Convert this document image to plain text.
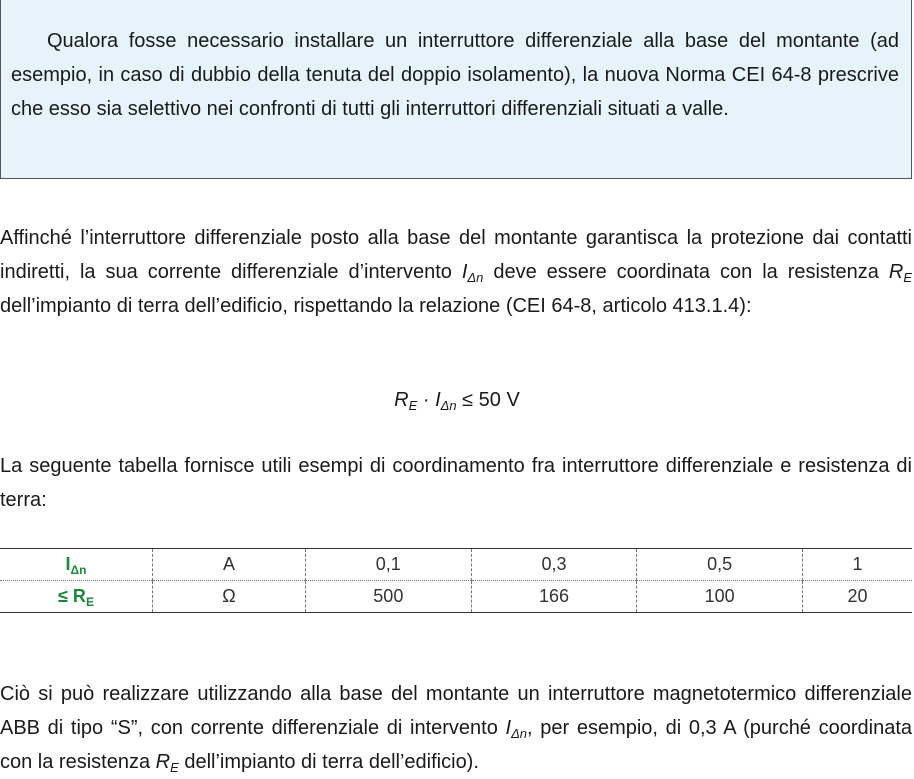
Qualora fosse necessario installare un interruttore differenziale alla base del montante (ad esempio, in caso di dubbio della tenuta del doppio isolamento), la nuova Norma CEI 64-8 prescrive che esso sia selettivo nei confronti di tutti gli interruttori differenziali situati a valle.

Affinché l’interruttore differenziale posto alla base del montante garantisca la protezione dai contatti indiretti, la sua corrente differenziale d’intervento $I_{\Delta n}$ deve essere coordinata con la resistenza $R_E$ dell’impianto di terra dell’edificio, rispettando la relazione (CEI 64-8, articolo 413.1.4):

$R_E \cdot I_{\Delta n} \le 50$ V

La seguente tabella fornisce utili esempi di coordinamento fra interruttore differenziale e resistenza di terra:

$I_{\Delta n}$	A	0,1	0,3	0,5	1
≤ $R_E$	Ω	500	166	100	20

Ciò si può realizzare utilizzando alla base del montante un interruttore magnetotermico differenziale ABB di tipo “S”, con corrente differenziale di intervento $I_{\Delta n}$, per esempio, di 0,3 A (purché coordinata con la resistenza $R_E$ dell’impianto di terra dell’edificio).
